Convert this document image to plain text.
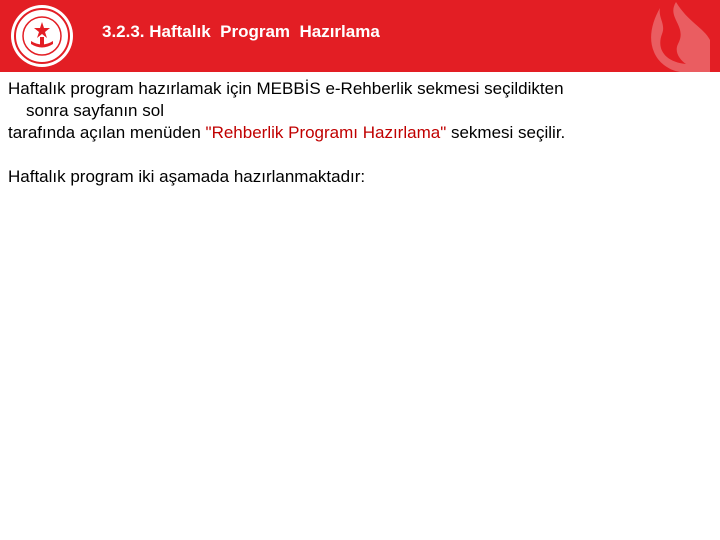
3.2.3. Haftalık  Program  Hazırlama

Haftalık program hazırlamak için MEBBİS e-Rehberlik sekmesi seçildikten
sonra sayfanın sol
tarafında açılan menüden "Rehberlik Programı Hazırlama" sekmesi seçilir.

Haftalık program iki aşamada hazırlanmaktadır:
